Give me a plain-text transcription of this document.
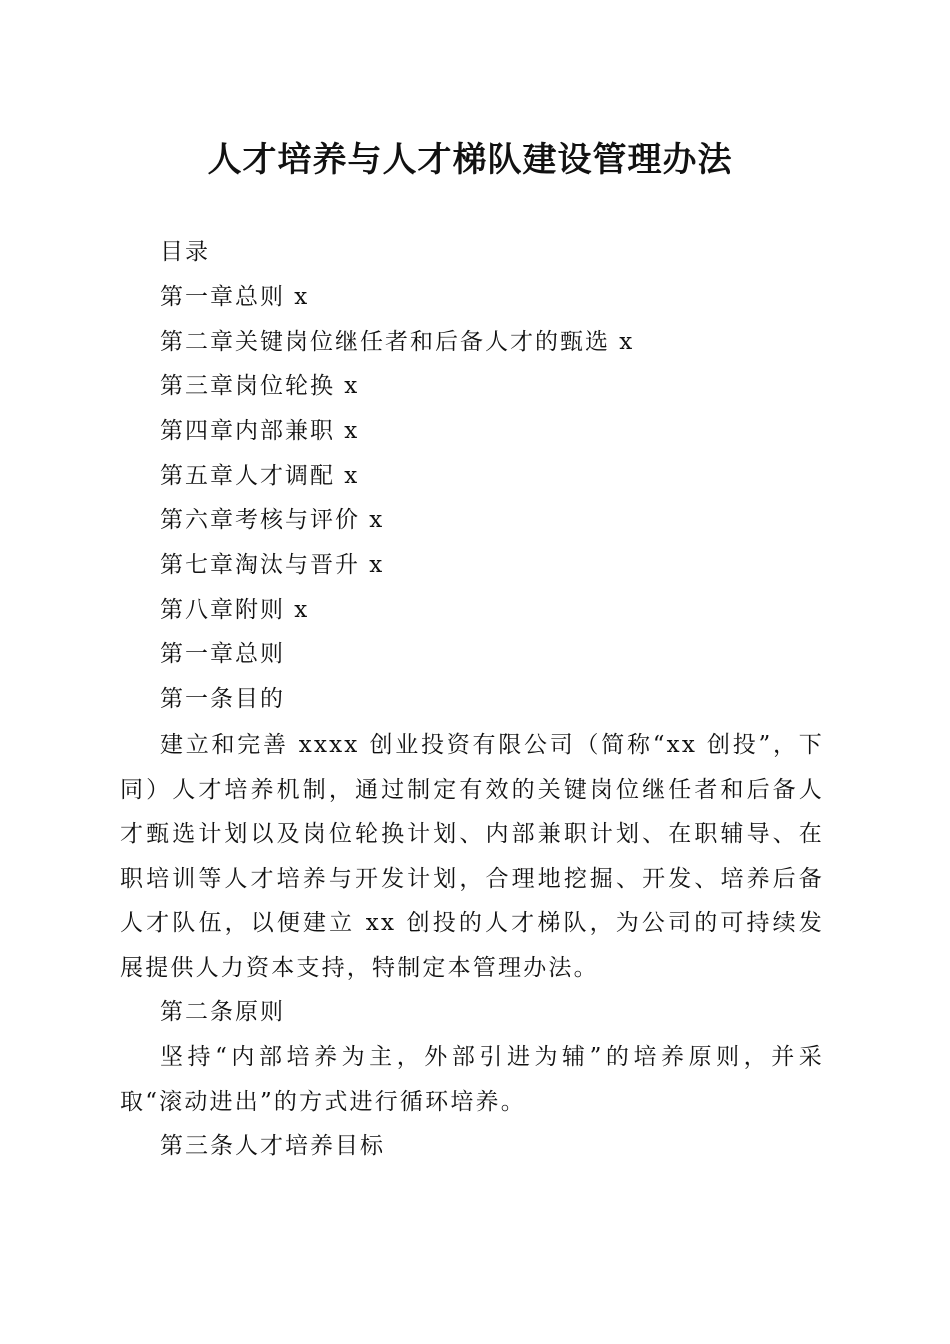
人才培养与人才梯队建设管理办法
目录
第一章总则 x
第二章关键岗位继任者和后备人才的甄选 x
第三章岗位轮换 x
第四章内部兼职 x
第五章人才调配 x
第六章考核与评价 x
第七章淘汰与晋升 x
第八章附则 x
第一章总则
第一条目的
建立和完善 xxxx 创业投资有限公司（简称“xx 创投”，下同）人才培养机制，通过制定有效的关键岗位继任者和后备人才甄选计划以及岗位轮换计划、内部兼职计划、在职辅导、在职培训等人才培养与开发计划，合理地挖掘、开发、培养后备人才队伍，以便建立 xx 创投的人才梯队，为公司的可持续发展提供人力资本支持，特制定本管理办法。
第二条原则
坚持“内部培养为主，外部引进为辅”的培养原则，并采取“滚动进出”的方式进行循环培养。
第三条人才培养目标
